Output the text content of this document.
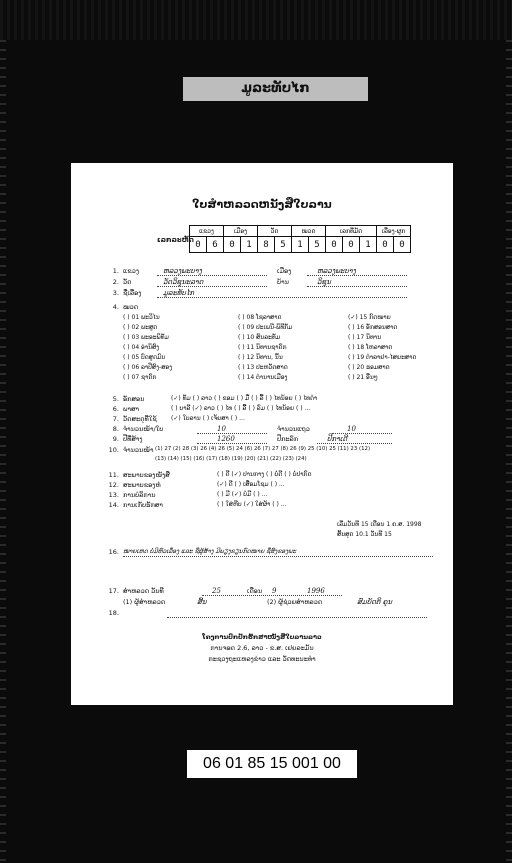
ມູລະທັບໄກ
ໃບສຳຫລວດຫນັງສືໃບລານ
ເລກລະຫັດ
ແຂວງ		ເມືອງ		ວັດ		ໝວດ		ເລກທີ່ມັດ			ເລື່ອງ-ຜູກ	
0	6	0	1	8	5	1	5	0	0	1	0	0
1. ແຂວງ	ຫລວງພະບາງ	ເມືອງ	ຫລວງພະບາງ
2. ວັດ	ວັດວິຊຸນະລາດ	ບ້ານ	ວິຊຸນ
3. ຊື່ເລື່ອງ	ມູລະທັບໄກ
4. ໝວດ
( ) 01 ພະວິໄນ	( ) 08 ໂຊລາສາດ	(✓) 15 ກົດໝາຍ
( ) 02 ພະສູດ	( ) 09 ປະເພນີ-ພິທີກັມ	( ) 16 ອັກສອນສາດ
( ) 03 ພະອະພິທັມ	( ) 10 ສິນລະທັມ	( ) 17 ນິທານ
( ) 04 ອ່ານິສົງ	( ) 11 ນິທານຊາດົກ	( ) 18 ໂຫລາສາດ
( ) 05 ບົດສູດມົນ	( ) 12 ນິທານ, ນິ້ນ	( ) 19 ຕຳລາຢາ-ໄສຍະສາດ
( ) 06 ລາປືສົງ-ສອງ	( ) 13 ປະຫວັດສາດ	( ) 20 ຮອມສາດ
( ) 07 ຊາດົກ	( ) 14 ຕຳນານເມືອງ	( ) 21 ອື່ນໆ
5. ອັກສອນ	(✓) ທັມ ( ) ລາວ ( ) ຂອມ ( ) ມື່ ( ) ລື້ ( ) ໄທນ້ອຍ ( ) ໄທດຳ
6. ພາສາ	( ) ບາລີ (✓) ລາວ ( ) ໄທ ( ) ລື້ ( ) ລົມ ( ) ໄທນ້ອຍ ( ) ...
7. ວັດສະດຸທີ່ໃຊ້ (✓) ໃບລານ ( ) ເຈ້ຍສາ ( ) ...
8. ຈຳນວນໜ້າ/ໃບ	10	ຈຳນວນແຖວ	10
9. ປີທີ່ສ້າງ	1260	ປີກະລົກ	ປີກາເດີ
10. ຈຳນວນໜ້າ (1) 27 (2) 28 (3) 26 (4) 26 (5) 24 (6) 26 (7) 27 (8) 26 (9) 25 (10) 25 (11) 23 (12)
(13) (14) (15) (16) (17) (18) (19) (20) (21) (22) (23) (24)
11. ສະພາບຂອງໜັງສື	( ) ດີ (✓) ປານກາງ ( ) ບໍ່ດີ ( ) ບໍ່ປາກົດ
12. ສະພາບຂອງຫໍ	(✓) ດີ ( ) ເສື່ອມໂຊມ ( ) ...
13. ການບໍລິການ	( ) ມີ (✓) ບໍ່ມີ ( ) ...
14. ການເກັບຮັກສາ	( ) ໃສ່ຫີບ (✓) ໃສ່ຜ້າ ( ) ...
ເລີ່ມວັນທີ 15 ເດືອນ 1 ຄ.ສ. 1998
ສິ້ນສຸດ 10.1 ວັນທີ 15
16. ໝາຍເຫດ ບໍ່ມີຫົວເລື່ອງ ແລະ ຊື່ຜູ້ສ້າງ ມີພຽງຂຽນກົດໝາຍ ຊື່ສົງຂອງພະ
17. ສຳຫລວດ ວັນທີ	25	ເດືອນ 9	1996
(1) ຜູ້ສຳຫລວດ	ສິ້ນ	(2) ຜູ້ຊ່ວຍສຳຫລວດ	ສົມບັດຕິ ຄຸນ
18.
ໂຄງການປົກປັກຮັກສາໜັງສືໃບລານລາວ
ການຈອດ 2.6, ລາວ - ຂ.ສ. ເຢຍລະມັນ
ກະຊວງຖະແຫລງຂ່າວ ແລະ ວັດທະນະທຳ
06 01 85 15 001 00
